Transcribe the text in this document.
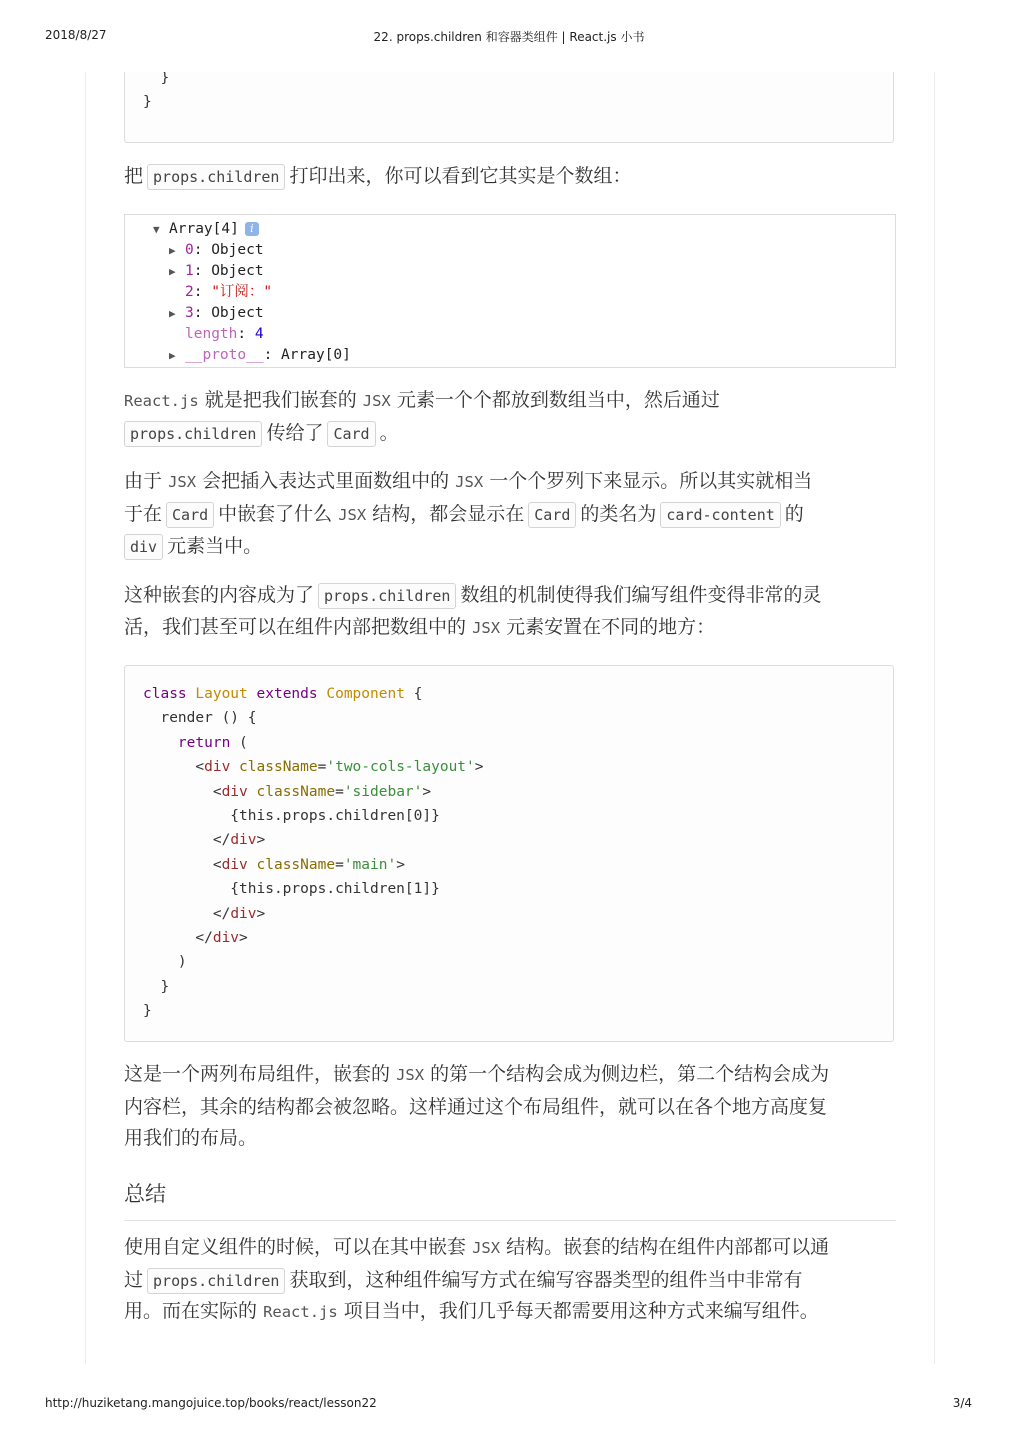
2018/8/27	22. props.children 和容器类组件 | React.js 小书
}
}
把 props.children 打印出来，你可以看到它其实是个数组：
▼ Array[4] i
▶ 0: Object
▶ 1: Object
2: "订阅："
▶ 3: Object
length: 4
▶ __proto__: Array[0]
React.js 就是把我们嵌套的 JSX 元素一个个都放到数组当中，然后通过
props.children 传给了 Card 。
由于 JSX 会把插入表达式里面数组中的 JSX 一个个罗列下来显示。所以其实就相当
于在 Card 中嵌套了什么 JSX 结构，都会显示在 Card 的类名为 card-content 的
div 元素当中。
这种嵌套的内容成为了 props.children 数组的机制使得我们编写组件变得非常的灵
活，我们甚至可以在组件内部把数组中的 JSX 元素安置在不同的地方：
class Layout extends Component {
render () {
return (
<div className='two-cols-layout'>
<div className='sidebar'>
{this.props.children[0]}
</div>
<div className='main'>
{this.props.children[1]}
</div>
</div>
)
}
}
这是一个两列布局组件，嵌套的 JSX 的第一个结构会成为侧边栏，第二个结构会成为
内容栏，其余的结构都会被忽略。这样通过这个布局组件，就可以在各个地方高度复
用我们的布局。
总结
使用自定义组件的时候，可以在其中嵌套 JSX 结构。嵌套的结构在组件内部都可以通
过 props.children 获取到，这种组件编写方式在编写容器类型的组件当中非常有
用。而在实际的 React.js 项目当中，我们几乎每天都需要用这种方式来编写组件。
http://huziketang.mangojuice.top/books/react/lesson22	3/4
